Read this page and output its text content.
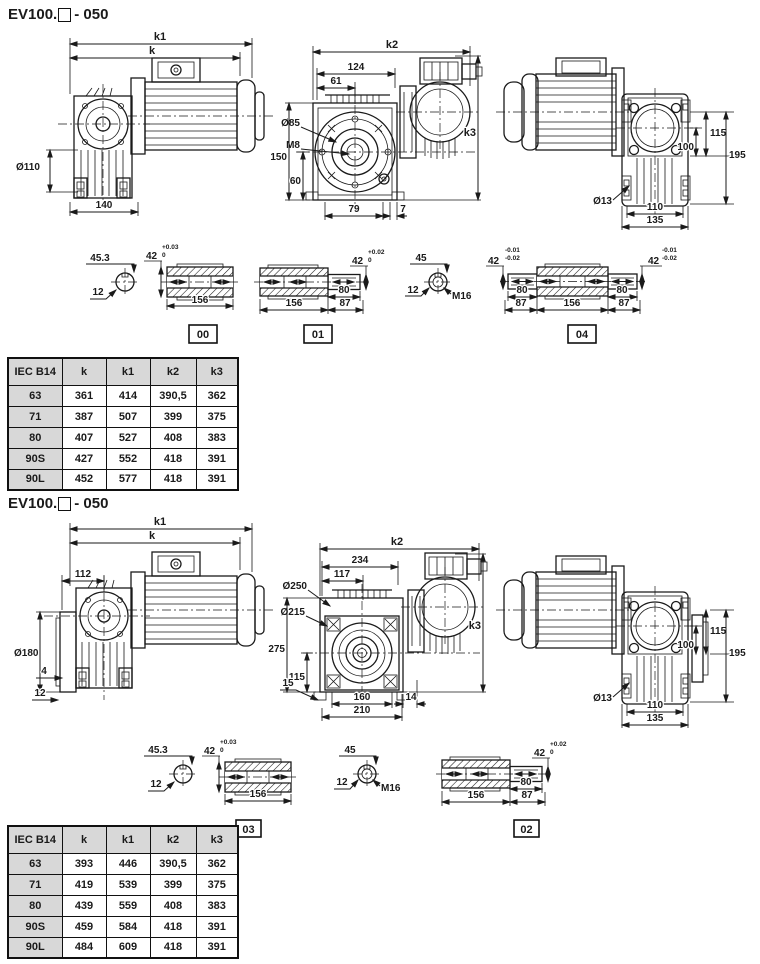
EV100. - 050
EV100. - 050
k1
k
Ø110
140
k2
124
61
Ø85
M8
150
60
79	7
k3	115
100
195
Ø13
110
135
45.3
12
42
+0.03
0
156
00
42
+0.02
0
80
156	87
01
45
12
M16
42
-0.01
-0.02	42
-0.01
-0.02
80
87	156
80
87
04
k1
k
112
Ø180
4
12
k2
234
117
Ø250
Ø215
275
115
15
160	14
210
k3	115
100
195
Ø13
110
135
45.3
12
42
+0.03
0
156
03
45
12
M16
42
+0.02
0
80
156	87
02
IEC B14	k	k1	k2	k3
63	361	414	390,5	362
71	387	507	399	375
80	407	527	408	383
90S	427	552	418	391
90L	452	577	418	391
IEC B14	k	k1	k2	k3
63	393	446	390,5	362
71	419	539	399	375
80	439	559	408	383
90S	459	584	418	391
90L	484	609	418	391
